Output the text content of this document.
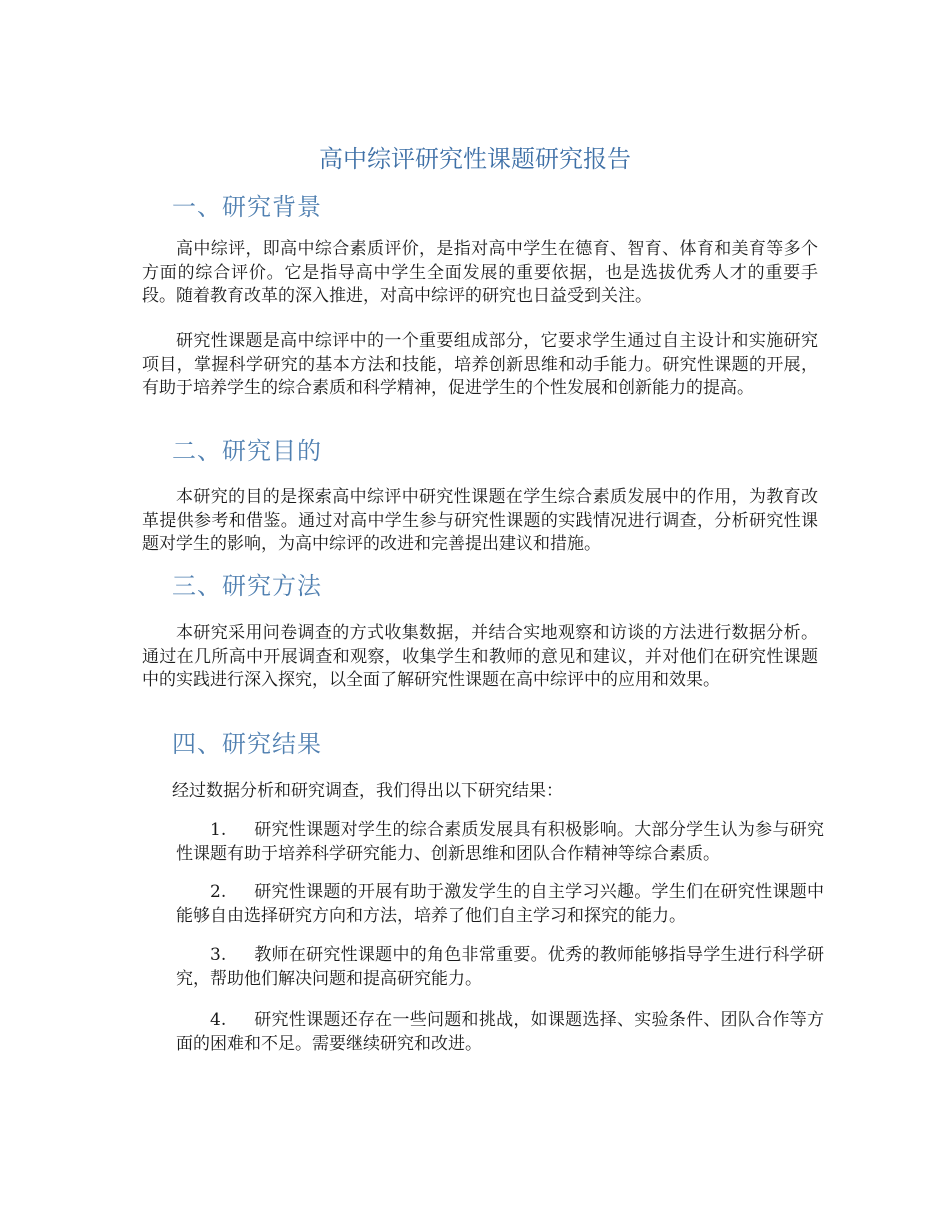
高中综评研究性课题研究报告
一、研究背景

高中综评，即高中综合素质评价，是指对高中学生在德育、智育、体育和美育等多个方面的综合评价。它是指导高中学生全面发展的重要依据，也是选拔优秀人才的重要手段。随着教育改革的深入推进，对高中综评的研究也日益受到关注。

研究性课题是高中综评中的一个重要组成部分，它要求学生通过自主设计和实施研究项目，掌握科学研究的基本方法和技能，培养创新思维和动手能力。研究性课题的开展，有助于培养学生的综合素质和科学精神，促进学生的个性发展和创新能力的提高。

二、研究目的

本研究的目的是探索高中综评中研究性课题在学生综合素质发展中的作用，为教育改革提供参考和借鉴。通过对高中学生参与研究性课题的实践情况进行调查，分析研究性课题对学生的影响，为高中综评的改进和完善提出建议和措施。

三、研究方法

本研究采用问卷调查的方式收集数据，并结合实地观察和访谈的方法进行数据分析。通过在几所高中开展调查和观察，收集学生和教师的意见和建议，并对他们在研究性课题中的实践进行深入探究，以全面了解研究性课题在高中综评中的应用和效果。

四、研究结果

经过数据分析和研究调查，我们得出以下研究结果：

1. 研究性课题对学生的综合素质发展具有积极影响。大部分学生认为参与研究性课题有助于培养科学研究能力、创新思维和团队合作精神等综合素质。

2. 研究性课题的开展有助于激发学生的自主学习兴趣。学生们在研究性课题中能够自由选择研究方向和方法，培养了他们自主学习和探究的能力。

3. 教师在研究性课题中的角色非常重要。优秀的教师能够指导学生进行科学研究，帮助他们解决问题和提高研究能力。

4. 研究性课题还存在一些问题和挑战，如课题选择、实验条件、团队合作等方面的困难和不足。需要继续研究和改进。
